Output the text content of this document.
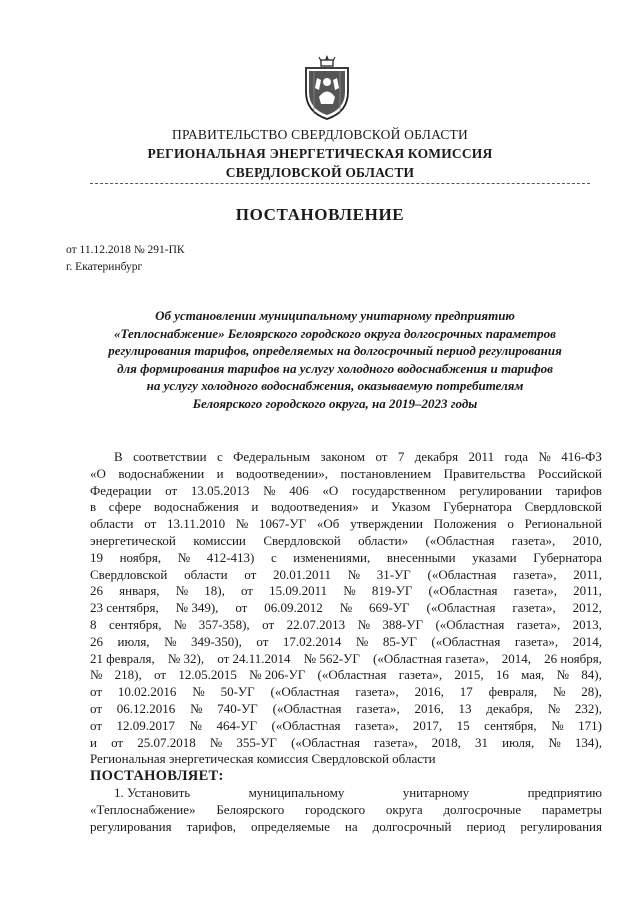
ПРАВИТЕЛЬСТВО СВЕРДЛОВСКОЙ ОБЛАСТИ
РЕГИОНАЛЬНАЯ ЭНЕРГЕТИЧЕСКАЯ КОМИССИЯ
СВЕРДЛОВСКОЙ ОБЛАСТИ
ПОСТАНОВЛЕНИЕ
от 11.12.2018 № 291-ПК
г. Екатеринбург
Об установлении муниципальному унитарному предприятию
«Теплоснабжение» Белоярского городского округа долгосрочных параметров
регулирования тарифов, определяемых на долгосрочный период регулирования
для формирования тарифов на услугу холодного водоснабжения и тарифов
на услугу холодного водоснабжения, оказываемую потребителям
Белоярского городского округа, на 2019–2023 годы
В соответствии с Федеральным законом от 7 декабря 2011 года № 416-ФЗ
«О водоснабжении и водоотведении», постановлением Правительства Российской
Федерации от 13.05.2013 № 406 «О государственном регулировании тарифов
в сфере водоснабжения и водоотведения» и Указом Губернатора Свердловской
области от 13.11.2010 № 1067-УГ «Об утверждении Положения о Региональной
энергетической комиссии Свердловской области» («Областная газета», 2010,
19 ноября, № 412-413) с изменениями, внесенными указами Губернатора
Свердловской области от 20.01.2011 № 31-УГ («Областная газета», 2011,
26 января, № 18), от 15.09.2011 № 819-УГ («Областная газета», 2011,
23 сентября, № 349), от 06.09.2012 № 669-УГ («Областная газета», 2012,
8 сентября, № 357-358), от 22.07.2013 № 388-УГ («Областная газета», 2013,
26 июля, № 349-350), от 17.02.2014 № 85-УГ («Областная газета», 2014,
21 февраля, № 32), от 24.11.2014 № 562-УГ («Областная газета», 2014, 26 ноября,
№ 218), от 12.05.2015 № 206-УГ («Областная газета», 2015, 16 мая, № 84),
от 10.02.2016 № 50-УГ («Областная газета», 2016, 17 февраля, № 28),
от 06.12.2016 № 740-УГ («Областная газета», 2016, 13 декабря, № 232),
от 12.09.2017 № 464-УГ («Областная газета», 2017, 15 сентября, № 171)
и от 25.07.2018 № 355-УГ («Областная газета», 2018, 31 июля, № 134),
Региональная энергетическая комиссия Свердловской области
ПОСТАНОВЛЯЕТ:
1. Установить	муниципальному	унитарному	предприятию
«Теплоснабжение» Белоярского городского округа долгосрочные параметры
регулирования тарифов, определяемые на долгосрочный период регулирования
